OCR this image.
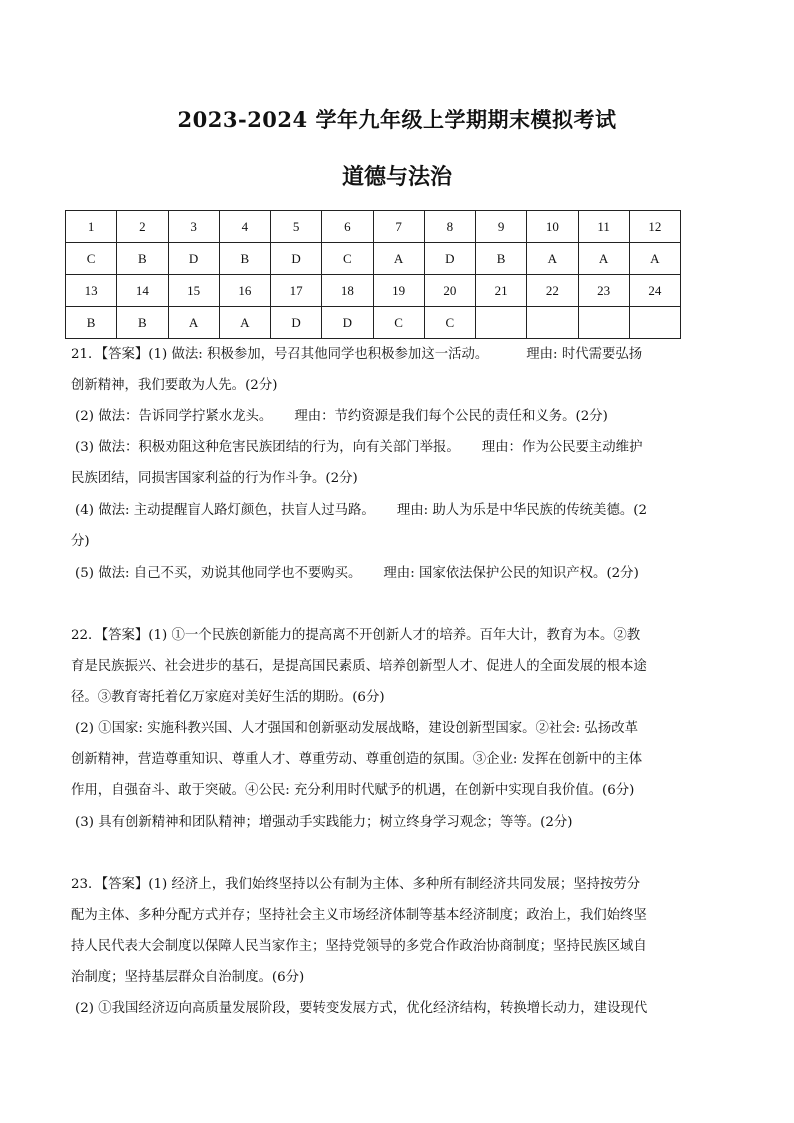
2023-2024 学年九年级上学期期末模拟考试
道德与法治
1	2	3	4	5	6	7	8	9	10	11	12
C	B	D	B	D	C	A	D	B	A	A	A
13	14	15	16	17	18	19	20	21	22	23	24
B	B	A	A	D	D	C	C				
21．【答案】(1) 做法: 积极参加，号召其他同学也积极参加这一活动。	理由: 时代需要弘扬
创新精神，我们要敢为人先。(2分)
(2) 做法：告诉同学拧紧水龙头。 理由：节约资源是我们每个公民的责任和义务。(2分)
(3) 做法：积极劝阻这种危害民族团结的行为，向有关部门举报。 理由：作为公民要主动维护
民族团结，同损害国家利益的行为作斗争。(2分)
(4) 做法: 主动提醒盲人路灯颜色，扶盲人过马路。 理由: 助人为乐是中华民族的传统美德。(2
分)
(5) 做法: 自己不买，劝说其他同学也不要购买。 理由: 国家依法保护公民的知识产权。(2分)
22．【答案】(1) ①一个民族创新能力的提高离不开创新人才的培养。百年大计，教育为本。②教
育是民族振兴、社会进步的基石，是提高国民素质、培养创新型人才、促进人的全面发展的根本途
径。③教育寄托着亿万家庭对美好生活的期盼。(6分)
(2) ①国家: 实施科教兴国、人才强国和创新驱动发展战略，建设创新型国家。②社会: 弘扬改革
创新精神，营造尊重知识、尊重人才、尊重劳动、尊重创造的氛围。③企业: 发挥在创新中的主体
作用，自强奋斗、敢于突破。④公民: 充分利用时代赋予的机遇，在创新中实现自我价值。(6分)
(3) 具有创新精神和团队精神；增强动手实践能力；树立终身学习观念；等等。(2分)
23．【答案】(1) 经济上，我们始终坚持以公有制为主体、多种所有制经济共同发展；坚持按劳分
配为主体、多种分配方式并存；坚持社会主义市场经济体制等基本经济制度；政治上，我们始终坚
持人民代表大会制度以保障人民当家作主；坚持党领导的多党合作政治协商制度；坚持民族区域自
治制度；坚持基层群众自治制度。(6分)
(2) ①我国经济迈向高质量发展阶段，要转变发展方式，优化经济结构，转换增长动力，建设现代
